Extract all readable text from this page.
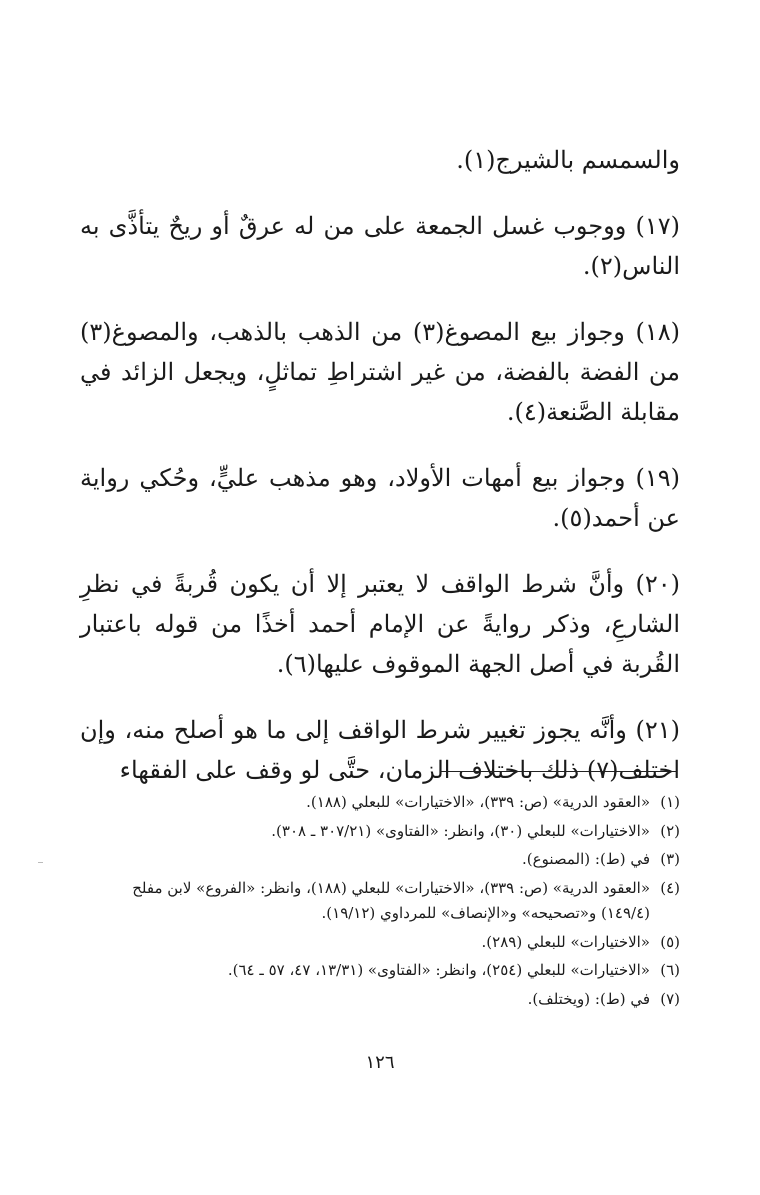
والسمسم بالشيرج(١).

(١٧) ووجوب غسل الجمعة على من له عرقٌ أو ريحٌ يتأذَّى به الناس(٢).

(١٨) وجواز بيع المصوغ(٣) من الذهب بالذهب، والمصوغ(٣) من الفضة بالفضة، من غير اشتراطِ تماثلٍ، ويجعل الزائد في مقابلة الصَّنعة(٤).

(١٩) وجواز بيع أمهات الأولاد، وهو مذهب عليٍّ، وحُكي رواية عن أحمد(٥).

(٢٠) وأنَّ شرط الواقف لا يعتبر إلا أن يكون قُربةً في نظرِ الشارعِ، وذكر روايةً عن الإمام أحمد أخذًا من قوله باعتبار القُربة في أصل الجهة الموقوف عليها(٦).

(٢١) وأنَّه يجوز تغيير شرط الواقف إلى ما هو أصلح منه، وإن اختلف(٧) ذلك باختلاف الزمان، حتَّى لو وقف على الفقهاء

(١)
«العقود الدرية» (ص: ٣٣٩)، «الاختيارات» للبعلي (١٨٨).
(٢)
«الاختيارات» للبعلي (٣٠)، وانظر: «الفتاوى» (٣٠٧/٢١ ـ ٣٠٨).
(٣)
في (ط): (المصنوع).
(٤)
«العقود الدرية» (ص: ٣٣٩)، «الاختيارات» للبعلي (١٨٨)، وانظر: «الفروع» لابن مفلح (١٤٩/٤) و«تصحيحه» و«الإنصاف» للمرداوي (١٩/١٢).
(٥)
«الاختيارات» للبعلي (٢٨٩).
(٦)
«الاختيارات» للبعلي (٢٥٤)، وانظر: «الفتاوى» (١٣/٣١، ٤٧، ٥٧ ـ ٦٤).
(٧)
في (ط): (ويختلف).
١٢٦
